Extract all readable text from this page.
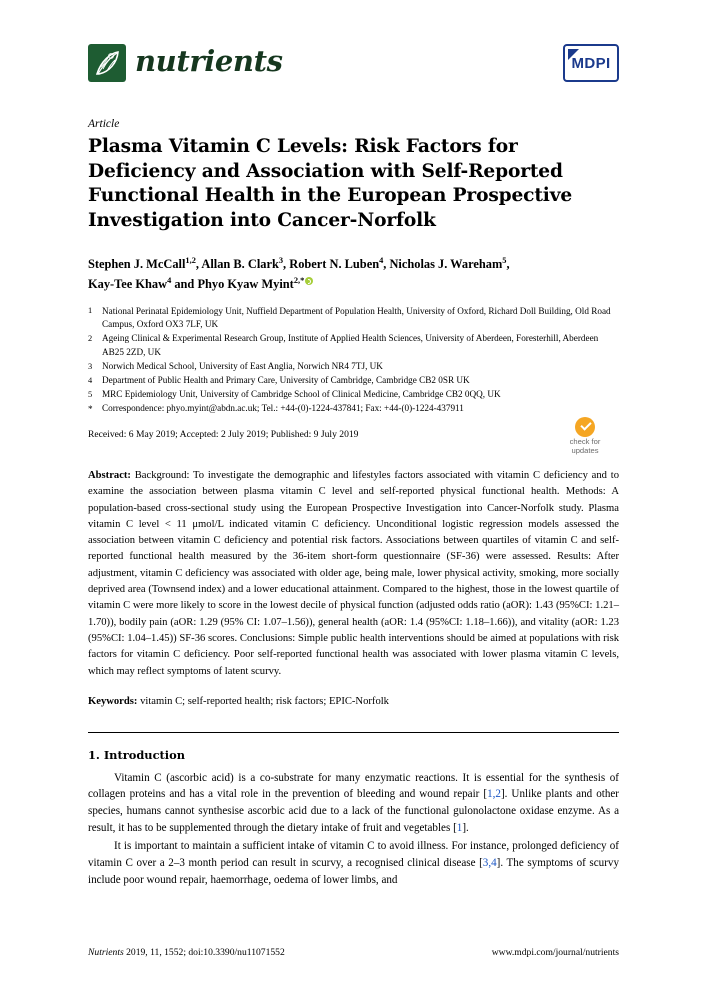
nutrients	MDPI
Article
Plasma Vitamin C Levels: Risk Factors for Deficiency and Association with Self-Reported Functional Health in the European Prospective Investigation into Cancer-Norfolk
Stephen J. McCall$^{1,2}$, Allan B. Clark$^3$, Robert N. Luben$^4$, Nicholas J. Wareham$^5$,
Kay-Tee Khaw$^4$ and Phyo Kyaw Myint$^{2,*}$
1	National Perinatal Epidemiology Unit, Nuffield Department of Population Health, University of Oxford, Richard Doll Building, Old Road Campus, Oxford OX3 7LF, UK
2	Ageing Clinical & Experimental Research Group, Institute of Applied Health Sciences, University of Aberdeen, Foresterhill, Aberdeen AB25 2ZD, UK
3	Norwich Medical School, University of East Anglia, Norwich NR4 7TJ, UK
4	Department of Public Health and Primary Care, University of Cambridge, Cambridge CB2 0SR UK
5	MRC Epidemiology Unit, University of Cambridge School of Clinical Medicine, Cambridge CB2 0QQ, UK
*	Correspondence: phyo.myint@abdn.ac.uk; Tel.: +44-(0)-1224-437841; Fax: +44-(0)-1224-437911
Received: 6 May 2019; Accepted: 2 July 2019; Published: 9 July 2019
check for
updates
Abstract: Background: To investigate the demographic and lifestyles factors associated with vitamin C deficiency and to examine the association between plasma vitamin C level and self-reported physical functional health. Methods: A population-based cross-sectional study using the European Prospective Investigation into Cancer-Norfolk study. Plasma vitamin C level < 11 μmol/L indicated vitamin C deficiency. Unconditional logistic regression models assessed the association between vitamin C deficiency and potential risk factors. Associations between quartiles of vitamin C and self-reported functional health measured by the 36-item short-form questionnaire (SF-36) were assessed. Results: After adjustment, vitamin C deficiency was associated with older age, being male, lower physical activity, smoking, more socially deprived area (Townsend index) and a lower educational attainment. Compared to the highest, those in the lowest quartile of vitamin C were more likely to score in the lowest decile of physical function (adjusted odds ratio (aOR): 1.43 (95%CI: 1.21–1.70)), bodily pain (aOR: 1.29 (95% CI: 1.07–1.56)), general health (aOR: 1.4 (95%CI: 1.18–1.66)), and vitality (aOR: 1.23 (95%CI: 1.04–1.45)) SF-36 scores. Conclusions: Simple public health interventions should be aimed at populations with risk factors for vitamin C deficiency. Poor self-reported functional health was associated with lower plasma vitamin C levels, which may reflect symptoms of latent scurvy.
Keywords: vitamin C; self-reported health; risk factors; EPIC-Norfolk
1. Introduction

Vitamin C (ascorbic acid) is a co-substrate for many enzymatic reactions. It is essential for the synthesis of collagen proteins and has a vital role in the prevention of bleeding and wound repair [1,2]. Unlike plants and other species, humans cannot synthesise ascorbic acid due to a lack of the functional gulonolactone oxidase enzyme. As a result, it has to be supplemented through the dietary intake of fruit and vegetables [1].

It is important to maintain a sufficient intake of vitamin C to avoid illness. For instance, prolonged deficiency of vitamin C over a 2–3 month period can result in scurvy, a recognised clinical disease [3,4]. The symptoms of scurvy include poor wound repair, haemorrhage, oedema of lower limbs, and

Nutrients 2019, 11, 1552; doi:10.3390/nu11071552	www.mdpi.com/journal/nutrients
